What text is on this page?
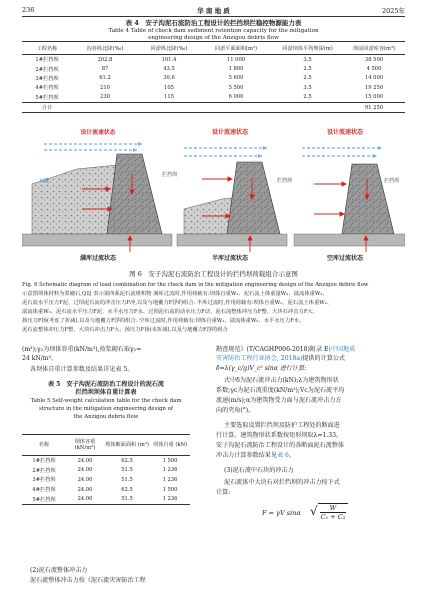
236	华 南 地 质	2025年
表 4　安子沟泥石流防治工程设计的拦挡坝拦稳控物源能力表
Table 4 Table of check dam sediment retention capacity for the mitigation
engineering design of the Anzigou debris flow
工程名称	沟谷纵比降(‰)	回淤纵比降(‰)	回淤平面面积(m²)	回淤坝体平均埋深(m)	坝前回淤库容(m³)
1#拦挡坝	202.8	101.4	11 000	3.5	38 500
2#拦挡坝	87	43.5	1 800	2.5	4 500
3#拦挡坝	61.2	30.6	5 600	2.5	14 000
4#拦挡坝	210	105	5 500	3.5	19 250
5#拦挡坝	230	115	6 000	2.5	15 000
合计					91 250
设计流速状态
Q设
拦挡坝
满库过流状态
设计流速状态
拦挡坝
半库过流状态
设计流速状态
拦挡坝
空库过流状态
图 6　安子沟泥石流防治工程设计的拦挡坝荷载组合示意图
Fig. 6 Schematic diagram of load combination for the check dam in the mitigation engineering design of the Anzigou debris flow
示意图坝体材料为浆砌石,Q设 表示第四系泥石流堆积物 满库过流时,作用荷载有:坝体自重W₁、泥石流土体重量W₂、溢流体重W₃、
泥石流水平压力F泥、过坝泥石流的冲击压力F冲,以及与地覆力F浮的组合. 半库过流时,作用荷载有:坝体自重W₁、泥石流土体重W₂、
溢流体重W₃、泥石流水平压力F泥、水平水压力F水、过坝泥石流的动水压力F动、泥石流整体冲压力F整、大块石冲击力F大、
扬压力F扬(考虑了折减),以及与地覆力F浮的组合. 空库过流时,作用荷载有:坝体自重W₁、溢流体重W₂、水平水压力F水、
泥石流整体冲压力F整、大块石冲击力F大、扬压力F扬(未折减),以及与地覆力F浮的组合
(m³);γ₂为坝体容重(kN/m³),按浆砌石取γ₂=
24 kN/m³。
各坝体自重计算参数及结果详见表 5。
表 5　安子沟泥石流防治工程设计的泥石流
拦挡坝坝体自重计算表
Table 5 Self-weight calculation table for the check dam
structure in the mitigation engineering design of
the Anzigou debris flow
名称	坝体容重 (kN/m³)	坝体断面面积 (m²)	坝体自重 (kN)
1#拦挡坝	24.00	62.5	1 500
2#拦挡坝	24.00	51.5	1 236
3#拦挡坝	24.00	51.5	1 236
4#拦挡坝	24.00	62.5	1 500
5#拦挡坝	24.00	51.5	1 236
(2)泥石流整体冲击力
泥石流整体冲击力按《泥石流灾害防治工程
勘查规范》(T/CAGHP006-2018)附录 E(中国地质
灾害防治工程行业协会, 2018a)提供的计算公式
δ=λ(γ_c/g)V_c² sinα 进行计算:
式中δ为泥石流冲击力(kN);λ为建筑物形状
系数;γc为泥石流重度(kN/m³);Vc为泥石流平均
流速(m/s);α为建筑物受力面与泥石流冲击力方
向的夹角(°)。
主要选取设置拦挡坝及防护工程处的断面进
行计算。建筑物形状系数按矩形坝取λ=1.33。
安子沟泥石流防治工程设计的各断面泥石流整体
冲击力计算参数结果见表 6。
(3)泥石流中石块的冲击力
泥石流体中大块石对拦挡坝的冲击力按下式
计算:
F = γV sinα √	W
C₁ + C₂
